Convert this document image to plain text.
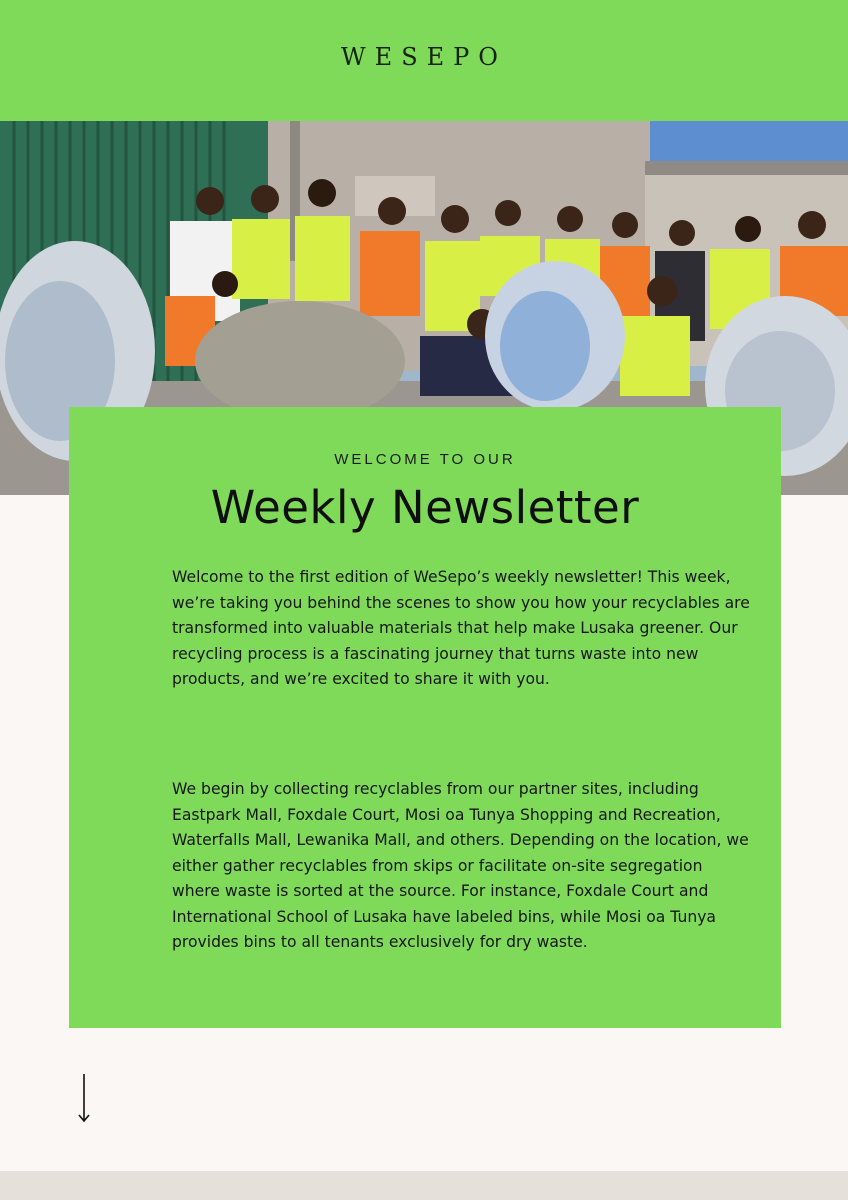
WESEPO
WELCOME TO OUR
Weekly Newsletter

Welcome to the first edition of WeSepo’s weekly newsletter! This week, we’re taking you behind the scenes to show you how your recyclables are transformed into valuable materials that help make Lusaka greener. Our recycling process is a fascinating journey that turns waste into new products, and we’re excited to share it with you.

We begin by collecting recyclables from our partner sites, including Eastpark Mall, Foxdale Court, Mosi oa Tunya Shopping and Recreation, Waterfalls Mall, Lewanika Mall, and others. Depending on the location, we either gather recyclables from skips or facilitate on-site segregation where waste is sorted at the source. For instance, Foxdale Court and International School of Lusaka have labeled bins, while Mosi oa Tunya provides bins to all tenants exclusively for dry waste.
